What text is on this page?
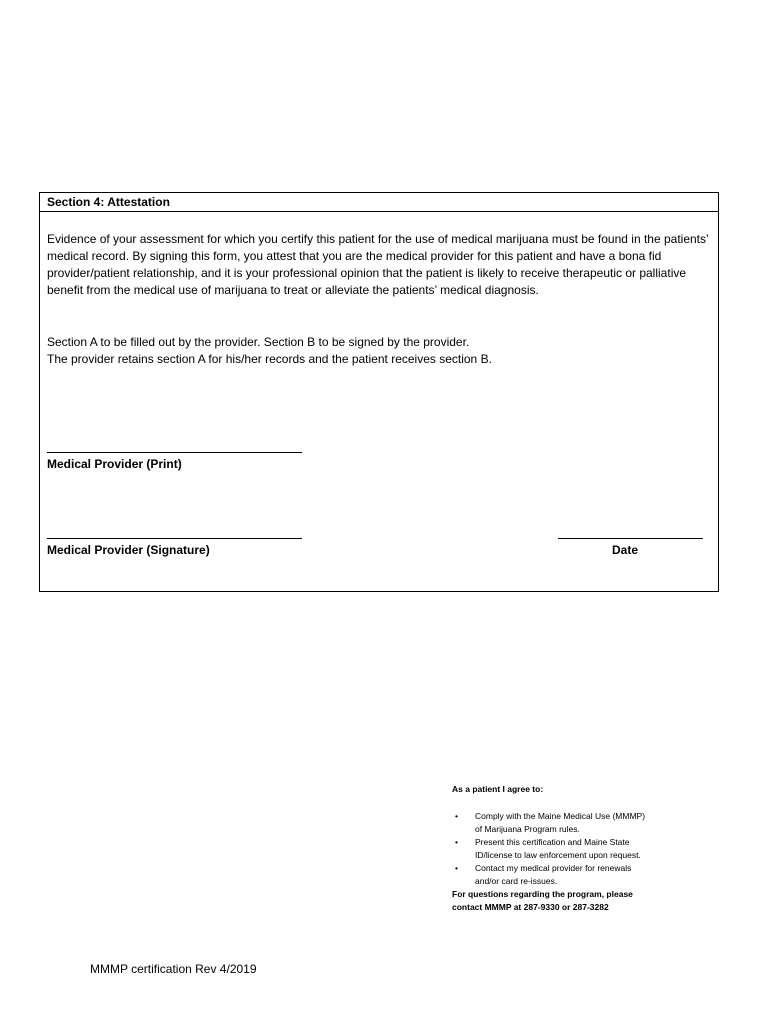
Section 4: Attestation

Evidence of your assessment for which you certify this patient for the use of medical marijuana must be found in the patients’ medical record. By signing this form, you attest that you are the medical provider for this patient and have a bona fid provider/patient relationship, and it is your professional opinion that the patient is likely to receive therapeutic or palliative benefit from the medical use of marijuana to treat or alleviate the patients’ medical diagnosis.

Section A to be filled out by the provider. Section B to be signed by the provider.
The provider retains section A for his/her records and the patient receives section B.
Medical Provider (Print)
Medical Provider (Signature)	Date
As a patient I agree to:
• Comply with the Maine Medical Use (MMMP)
of Marijuana Program rules.
• Present this certification and Maine State
ID/license to law enforcement upon request.
• Contact my medical provider for renewals
and/or card re-issues.
For questions regarding the program, please
contact MMMP at 287-9330 or 287-3282
MMMP certification Rev 4/2019
